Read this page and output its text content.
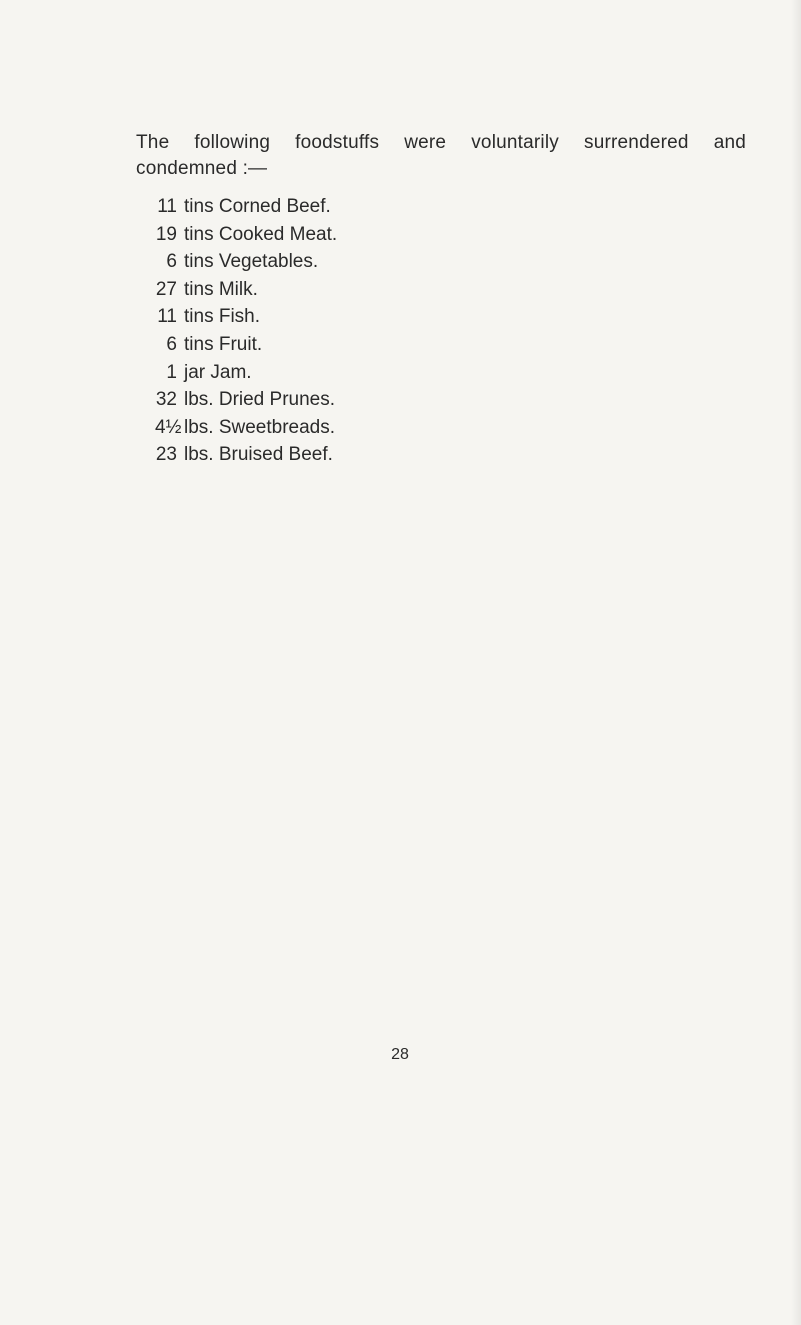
The following foodstuffs were voluntarily surrendered and
condemned :—

11 tins Corned Beef.
19 tins Cooked Meat.
6 tins Vegetables.
27 tins Milk.
11 tins Fish.
6 tins Fruit.
1 jar Jam.
32 lbs. Dried Prunes.
4½ lbs. Sweetbreads.
23 lbs. Bruised Beef.
28
